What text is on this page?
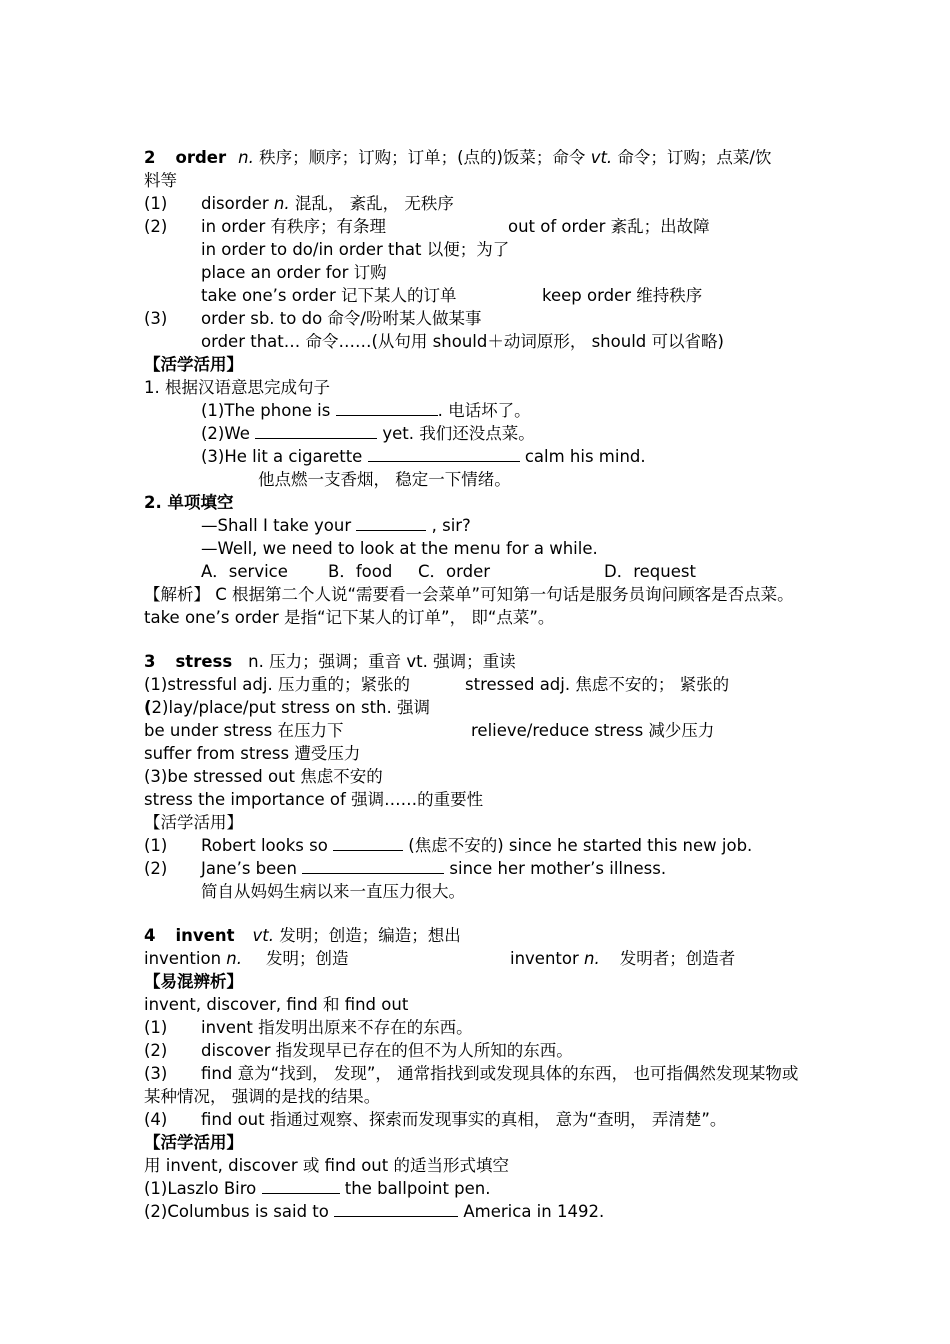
2 order n. 秩序；顺序；订购；订单；(点的)饭菜；命令 vt. 命令；订购；点菜/饮
料等
(1) disorder n. 混乱， 紊乱， 无秩序
(2) in order 有秩序；有条理	out of order 紊乱；出故障
in order to do/in order that 以便；为了
place an order for 订购
take one’s order 记下某人的订单	keep order 维持秩序
(3) order sb. to do 命令/吩咐某人做某事
order that… 命令……(从句用 should＋动词原形， should 可以省略)
【活学活用】
1. 根据汉语意思完成句子
(1)The phone is	. 电话坏了。
(2)We	yet. 我们还没点菜。
(3)He lit a cigarette	calm his mind.
他点燃一支香烟， 稳定一下情绪。
2. 单项填空
—Shall I take your	, sir?
—Well, we need to look at the menu for a while.
A．service B．food C．order	D．request
【解析】 C 根据第二个人说“需要看一会菜单”可知第一句话是服务员询问顾客是否点菜。take one’s order 是指“记下某人的订单”， 即“点菜”。
3 stress n. 压力；强调；重音 vt. 强调；重读
(1)stressful adj. 压力重的；紧张的	stressed adj. 焦虑不安的； 紧张的
(2)lay/place/put stress on sth. 强调
be under stress 在压力下	relieve/reduce stress 减少压力
suffer from stress 遭受压力
(3)be stressed out 焦虑不安的
stress the importance of 强调……的重要性
【活学活用】
(1) Robert looks so	(焦虑不安的) since he started this new job.
(2) Jane’s been	since her mother’s illness.
简自从妈妈生病以来一直压力很大。
4 invent vt. 发明；创造；编造；想出
invention n. 发明；创造	inventor n. 发明者；创造者
【易混辨析】
invent, discover, find 和 find out
(1) invent 指发明出原来不存在的东西。
(2) discover 指发现早已存在的但不为人所知的东西。
(3) find 意为“找到， 发现”， 通常指找到或发现具体的东西， 也可指偶然发现某物或某种情况， 强调的是找的结果。
(4) find out 指通过观察、探索而发现事实的真相， 意为“查明， 弄清楚”。
【活学活用】
用 invent, discover 或 find out 的适当形式填空
(1)Laszlo Biro	the ballpoint pen.
(2)Columbus is said to	America in 1492.
